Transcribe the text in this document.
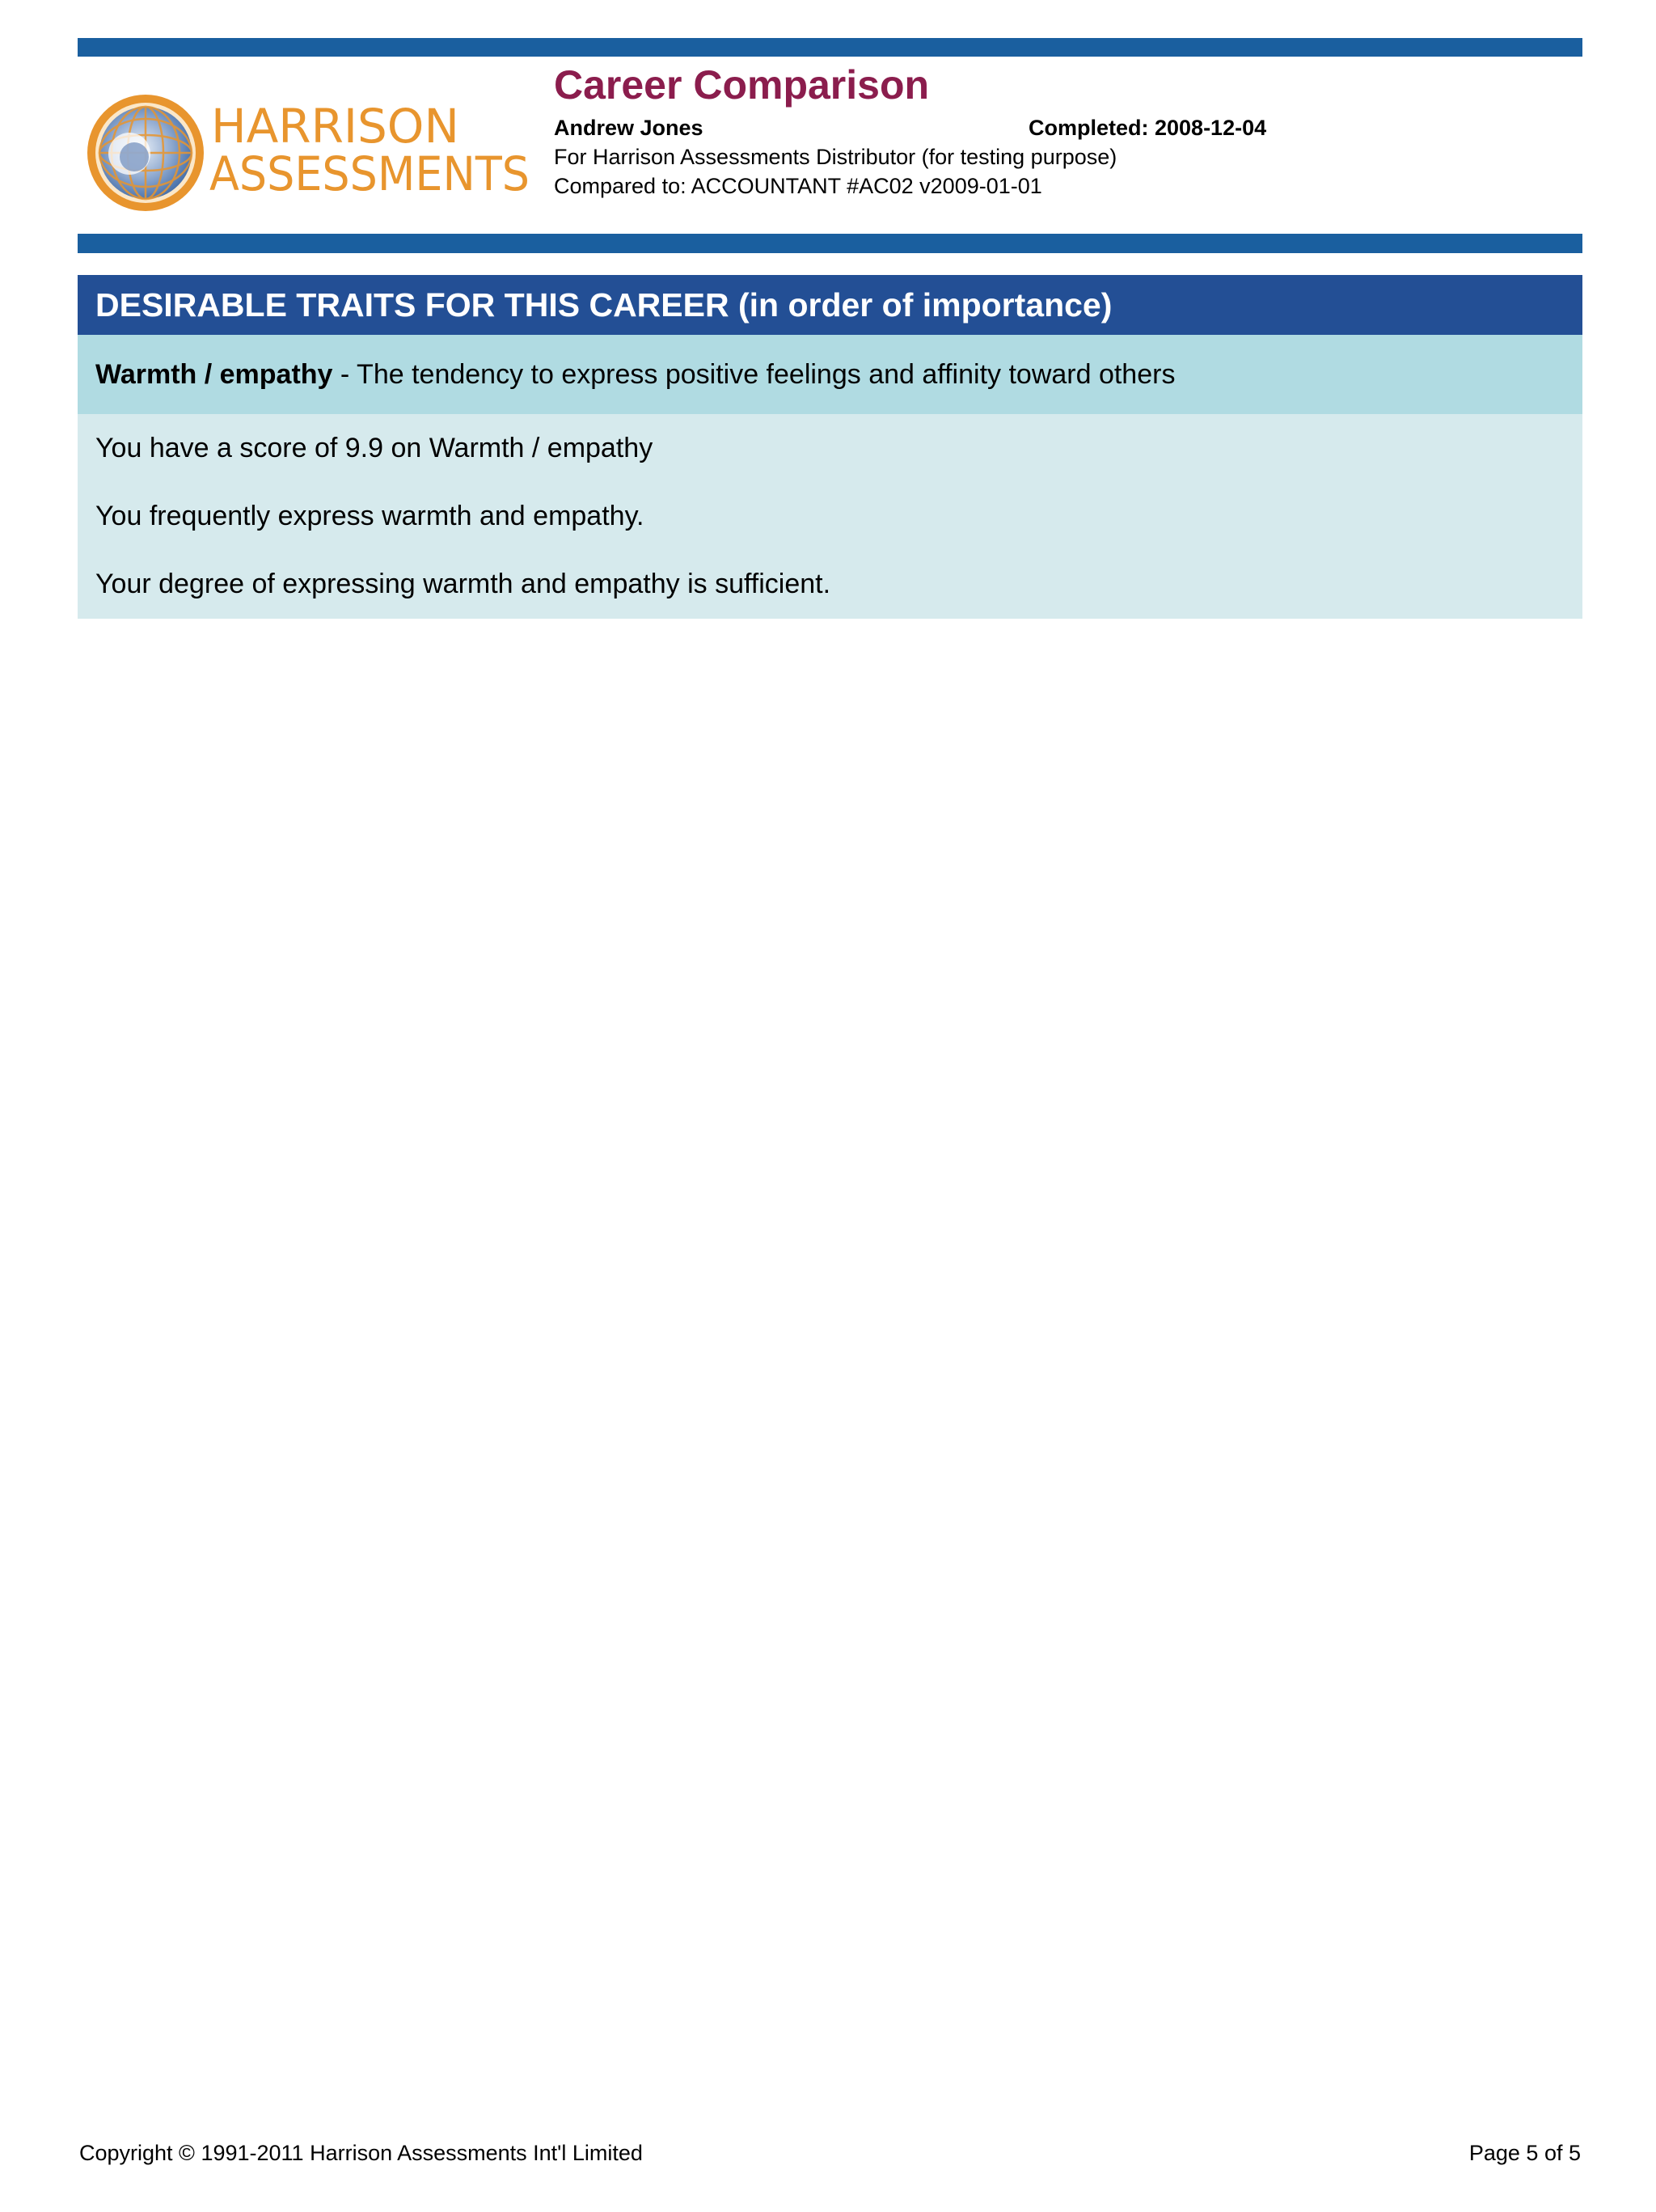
HARRISON
ASSESSMENTS
Career Comparison
Andrew Jones	Completed: 2008-12-04
For Harrison Assessments Distributor (for testing purpose)
Compared to: ACCOUNTANT #AC02 v2009-01-01
DESIRABLE TRAITS FOR THIS CAREER (in order of importance)
Warmth / empathy - The tendency to express positive feelings and affinity toward others

You have a score of 9.9 on Warmth / empathy

You frequently express warmth and empathy.

Your degree of expressing warmth and empathy is sufficient.

Copyright © 1991-2011 Harrison Assessments Int'l Limited	Page 5 of 5
